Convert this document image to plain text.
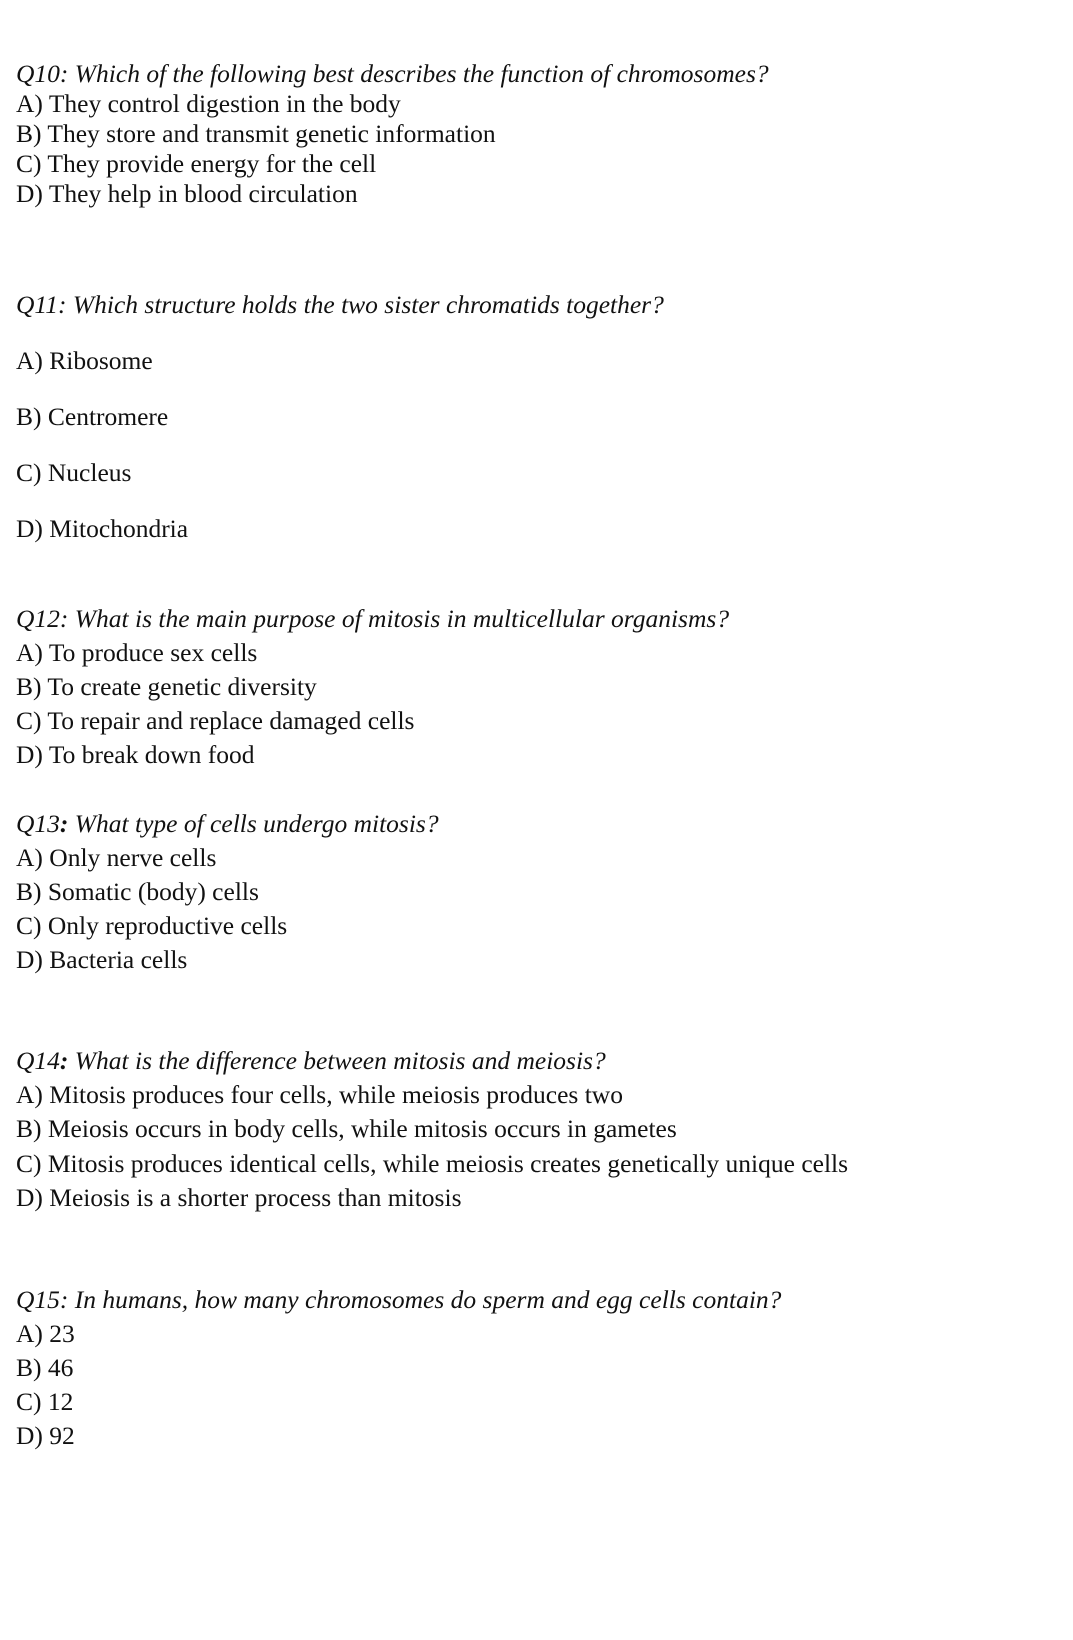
Q10: Which of the following best describes the function of chromosomes?

A) They control digestion in the body

B) They store and transmit genetic information

C) They provide energy for the cell

D) They help in blood circulation

Q11: Which structure holds the two sister chromatids together?

A) Ribosome

B) Centromere

C) Nucleus

D) Mitochondria

Q12: What is the main purpose of mitosis in multicellular organisms?

A) To produce sex cells

B) To create genetic diversity

C) To repair and replace damaged cells

D) To break down food

Q13: What type of cells undergo mitosis?

A) Only nerve cells

B) Somatic (body) cells

C) Only reproductive cells

D) Bacteria cells

Q14: What is the difference between mitosis and meiosis?

A) Mitosis produces four cells, while meiosis produces two

B) Meiosis occurs in body cells, while mitosis occurs in gametes

C) Mitosis produces identical cells, while meiosis creates genetically unique cells

D) Meiosis is a shorter process than mitosis

Q15: In humans, how many chromosomes do sperm and egg cells contain?

A) 23

B) 46

C) 12

D) 92
